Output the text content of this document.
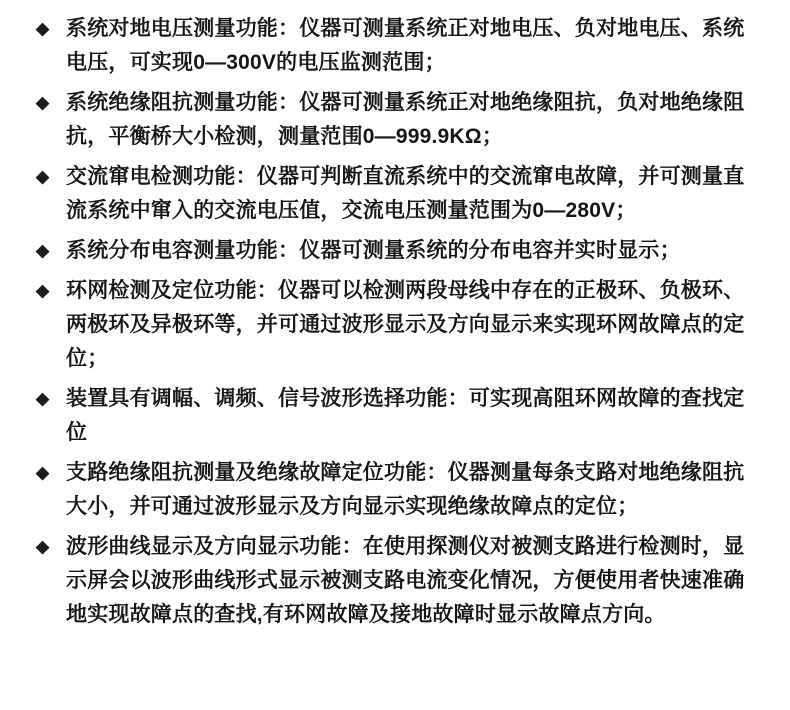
◆ 系统对地电压测量功能：仪器可测量系统正对地电压、负对地电压、系统电压，可实现0—300V的电压监测范围；
◆ 系统绝缘阻抗测量功能：仪器可测量系统正对地绝缘阻抗，负对地绝缘阻抗，平衡桥大小检测，测量范围0—999.9KΩ；
◆ 交流窜电检测功能：仪器可判断直流系统中的交流窜电故障，并可测量直流系统中窜入的交流电压值，交流电压测量范围为0—280V；
◆ 系统分布电容测量功能：仪器可测量系统的分布电容并实时显示；
◆ 环网检测及定位功能：仪器可以检测两段母线中存在的正极环、负极环、两极环及异极环等，并可通过波形显示及方向显示来实现环网故障点的定位；
◆ 装置具有调幅、调频、信号波形选择功能：可实现高阻环网故障的查找定位
◆ 支路绝缘阻抗测量及绝缘故障定位功能：仪器测量每条支路对地绝缘阻抗大小，并可通过波形显示及方向显示实现绝缘故障点的定位；
◆ 波形曲线显示及方向显示功能：在使用探测仪对被测支路进行检测时，显示屏会以波形曲线形式显示被测支路电流变化情况，方便使用者快速准确地实现故障点的查找,有环网故障及接地故障时显示故障点方向。
